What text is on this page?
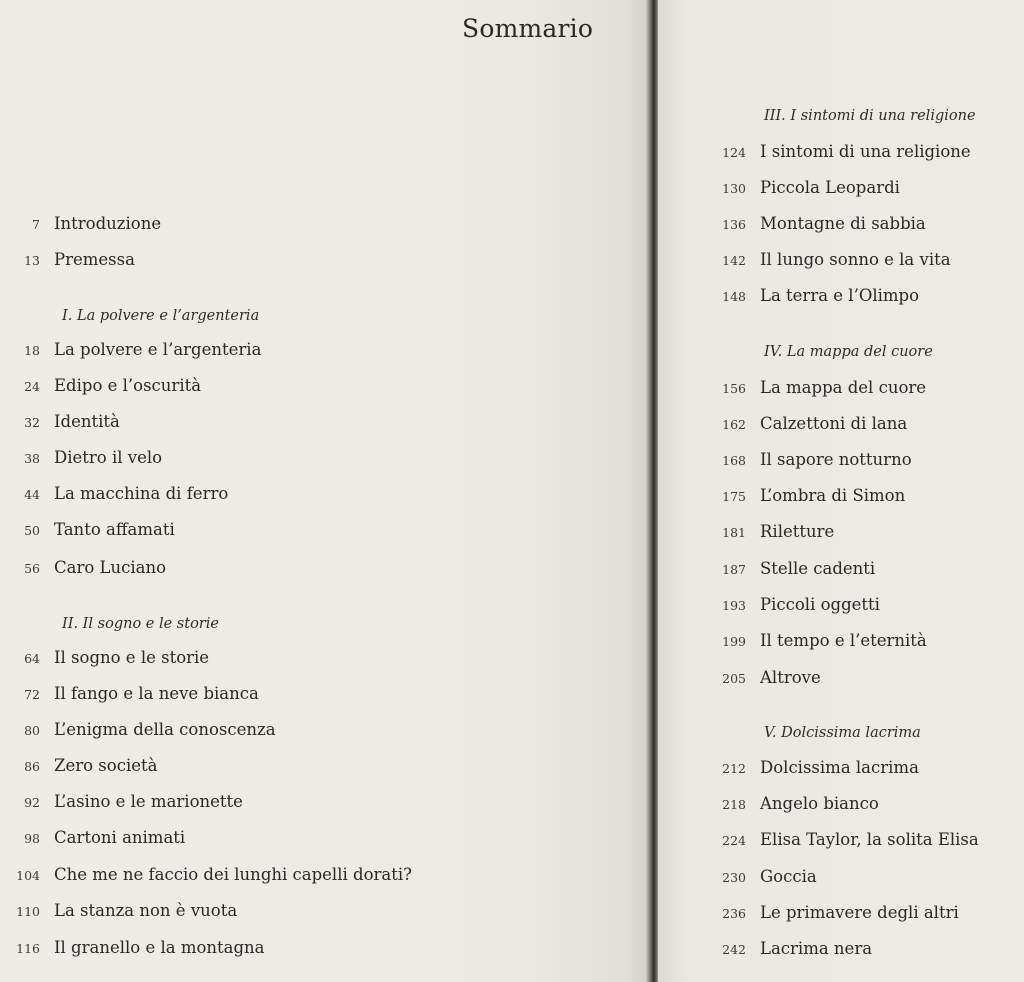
Sommario
7 Introduzione
13 Premessa
I. La polvere e l’argenteria
18 La polvere e l’argenteria
24 Edipo e l’oscurità
32 Identità
38 Dietro il velo
44 La macchina di ferro
50 Tanto affamati
56 Caro Luciano
II. Il sogno e le storie
64 Il sogno e le storie
72 Il fango e la neve bianca
80 L’enigma della conoscenza
86 Zero società
92 L’asino e le marionette
98 Cartoni animati
104 Che me ne faccio dei lunghi capelli dorati?
110 La stanza non è vuota
116 Il granello e la montagna
III. I sintomi di una religione
124 I sintomi di una religione
130 Piccola Leopardi
136 Montagne di sabbia
142 Il lungo sonno e la vita
148 La terra e l’Olimpo
IV. La mappa del cuore
156 La mappa del cuore
162 Calzettoni di lana
168 Il sapore notturno
175 L’ombra di Simon
181 Riletture
187 Stelle cadenti
193 Piccoli oggetti
199 Il tempo e l’eternità
205 Altrove
V. Dolcissima lacrima
212 Dolcissima lacrima
218 Angelo bianco
224 Elisa Taylor, la solita Elisa
230 Goccia
236 Le primavere degli altri
242 Lacrima nera
